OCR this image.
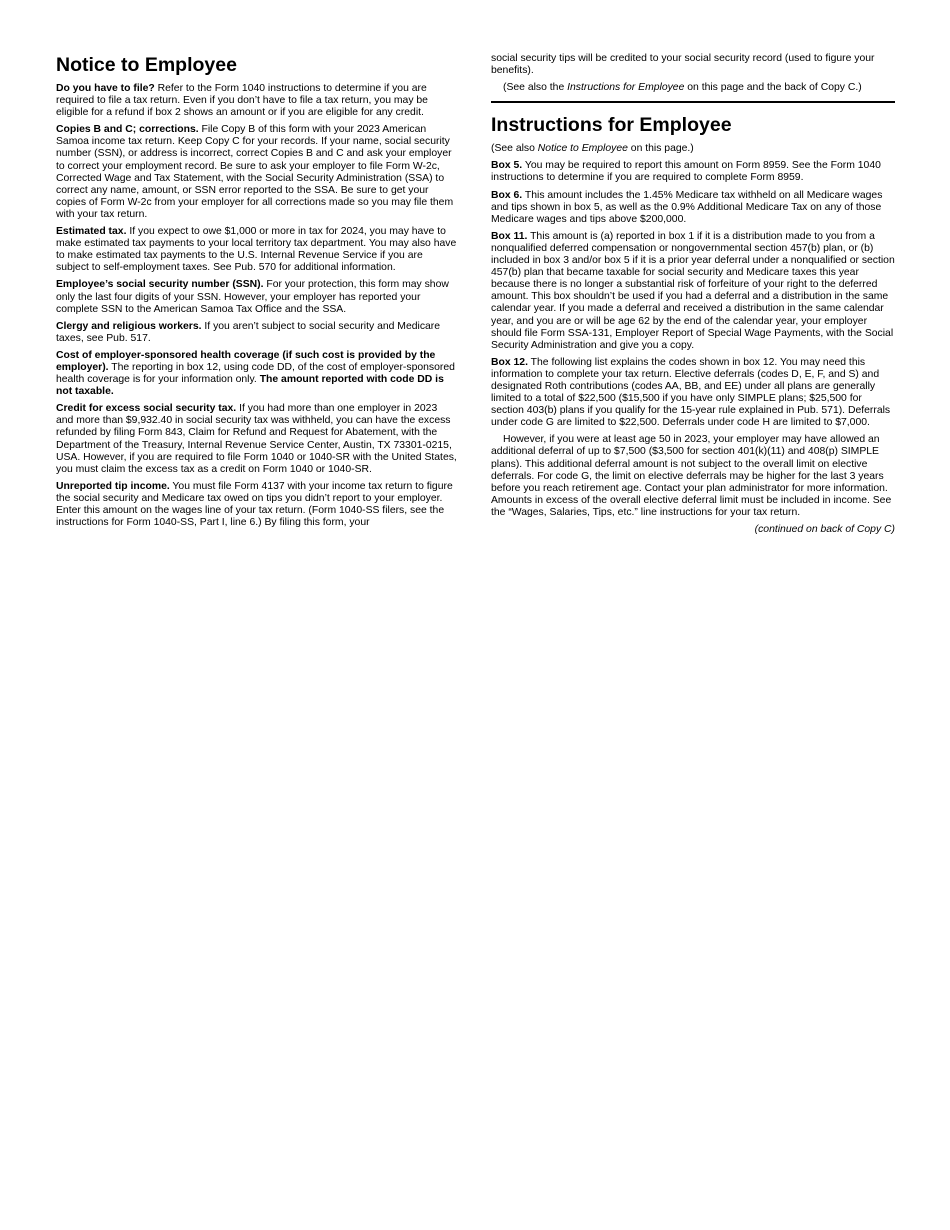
Notice to Employee

Do you have to file? Refer to the Form 1040 instructions to determine if you are required to file a tax return. Even if you don’t have to file a tax return, you may be eligible for a refund if box 2 shows an amount or if you are eligible for any credit.

Copies B and C; corrections. File Copy B of this form with your 2023 American Samoa income tax return. Keep Copy C for your records. If your name, social security number (SSN), or address is incorrect, correct Copies B and C and ask your employer to correct your employment record. Be sure to ask your employer to file Form W-2c, Corrected Wage and Tax Statement, with the Social Security Administration (SSA) to correct any name, amount, or SSN error reported to the SSA. Be sure to get your copies of Form W-2c from your employer for all corrections made so you may file them with your tax return.

Estimated tax. If you expect to owe $1,000 or more in tax for 2024, you may have to make estimated tax payments to your local territory tax department. You may also have to make estimated tax payments to the U.S. Internal Revenue Service if you are subject to self-employment taxes. See Pub. 570 for additional information.

Employee’s social security number (SSN). For your protection, this form may show only the last four digits of your SSN. However, your employer has reported your complete SSN to the American Samoa Tax Office and the SSA.

Clergy and religious workers. If you aren’t subject to social security and Medicare taxes, see Pub. 517.

Cost of employer-sponsored health coverage (if such cost is provided by the employer). The reporting in box 12, using code DD, of the cost of employer-sponsored health coverage is for your information only. The amount reported with code DD is not taxable.

Credit for excess social security tax. If you had more than one employer in 2023 and more than $9,932.40 in social security tax was withheld, you can have the excess refunded by filing Form 843, Claim for Refund and Request for Abatement, with the Department of the Treasury, Internal Revenue Service Center, Austin, TX 73301-0215, USA. However, if you are required to file Form 1040 or 1040-SR with the United States, you must claim the excess tax as a credit on Form 1040 or 1040-SR.

Unreported tip income. You must file Form 4137 with your income tax return to figure the social security and Medicare tax owed on tips you didn’t report to your employer. Enter this amount on the wages line of your tax return. (Form 1040-SS filers, see the instructions for Form 1040-SS, Part I, line 6.) By filing this form, your

social security tips will be credited to your social security record (used to figure your benefits).

(See also the Instructions for Employee on this page and the back of Copy C.)

Instructions for Employee

(See also Notice to Employee on this page.)

Box 5. You may be required to report this amount on Form 8959. See the Form 1040 instructions to determine if you are required to complete Form 8959.

Box 6. This amount includes the 1.45% Medicare tax withheld on all Medicare wages and tips shown in box 5, as well as the 0.9% Additional Medicare Tax on any of those Medicare wages and tips above $200,000.

Box 11. This amount is (a) reported in box 1 if it is a distribution made to you from a nonqualified deferred compensation or nongovernmental section 457(b) plan, or (b) included in box 3 and/or box 5 if it is a prior year deferral under a nonqualified or section 457(b) plan that became taxable for social security and Medicare taxes this year because there is no longer a substantial risk of forfeiture of your right to the deferred amount. This box shouldn’t be used if you had a deferral and a distribution in the same calendar year. If you made a deferral and received a distribution in the same calendar year, and you are or will be age 62 by the end of the calendar year, your employer should file Form SSA-131, Employer Report of Special Wage Payments, with the Social Security Administration and give you a copy.

Box 12. The following list explains the codes shown in box 12. You may need this information to complete your tax return. Elective deferrals (codes D, E, F, and S) and designated Roth contributions (codes AA, BB, and EE) under all plans are generally limited to a total of $22,500 ($15,500 if you have only SIMPLE plans; $25,500 for section 403(b) plans if you qualify for the 15-year rule explained in Pub. 571). Deferrals under code G are limited to $22,500. Deferrals under code H are limited to $7,000.

However, if you were at least age 50 in 2023, your employer may have allowed an additional deferral of up to $7,500 ($3,500 for section 401(k)(11) and 408(p) SIMPLE plans). This additional deferral amount is not subject to the overall limit on elective deferrals. For code G, the limit on elective deferrals may be higher for the last 3 years before you reach retirement age. Contact your plan administrator for more information. Amounts in excess of the overall elective deferral limit must be included in income. See the “Wages, Salaries, Tips, etc.” line instructions for your tax return.

(continued on back of Copy C)
